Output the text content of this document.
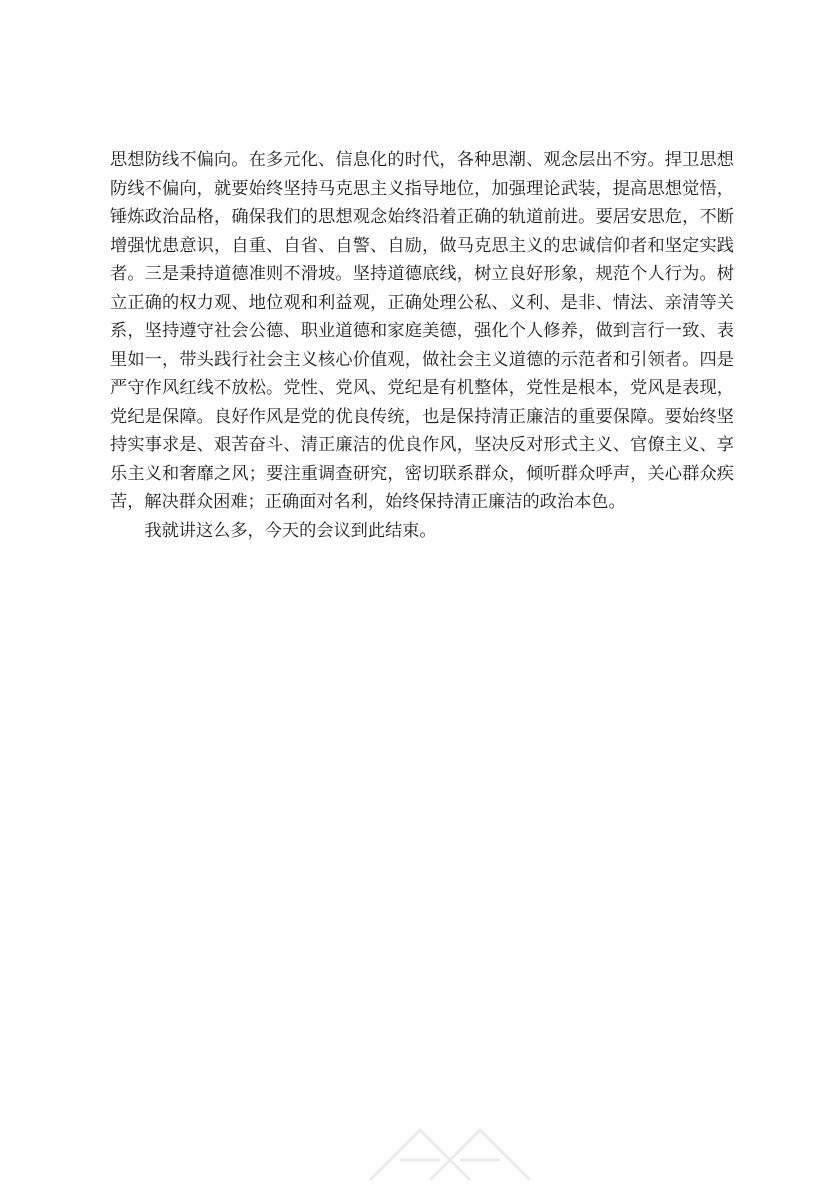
思想防线不偏向。在多元化、信息化的时代，各种思潮、观念层出不穷。捍卫思想防线不偏向，就要始终坚持马克思主义指导地位，加强理论武装，提高思想觉悟，锤炼政治品格，确保我们的思想观念始终沿着正确的轨道前进。要居安思危，不断增强忧患意识，自重、自省、自警、自励，做马克思主义的忠诚信仰者和坚定实践者。三是秉持道德准则不滑坡。坚持道德底线，树立良好形象，规范个人行为。树立正确的权力观、地位观和利益观，正确处理公私、义利、是非、情法、亲清等关系，坚持遵守社会公德、职业道德和家庭美德，强化个人修养，做到言行一致、表里如一，带头践行社会主义核心价值观，做社会主义道德的示范者和引领者。四是严守作风红线不放松。党性、党风、党纪是有机整体，党性是根本，党风是表现，党纪是保障。良好作风是党的优良传统，也是保持清正廉洁的重要保障。要始终坚持实事求是、艰苦奋斗、清正廉洁的优良作风，坚决反对形式主义、官僚主义、享乐主义和奢靡之风；要注重调查研究，密切联系群众，倾听群众呼声，关心群众疾苦，解决群众困难；正确面对名利，始终保持清正廉洁的政治本色。

我就讲这么多，今天的会议到此结束。
